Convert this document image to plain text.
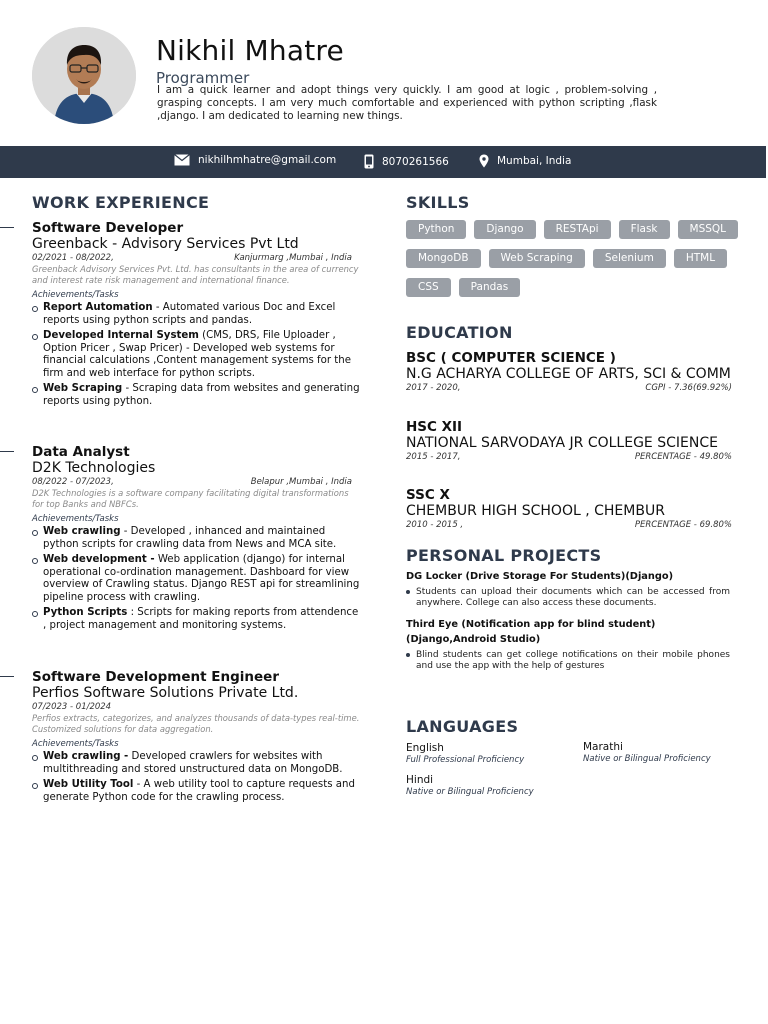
Nikhil Mhatre
Programmer
I am a quick learner and adopt things very quickly. I am good at logic , problem-solving , grasping concepts. I am very much comfortable and experienced with python scripting ,flask ,django. I am dedicated to learning new things.
nikhilhmhatre@gmail.com	8070261566	Mumbai, India
WORK EXPERIENCE
Software Developer
Greenback - Advisory Services Pvt Ltd
02/2021 - 08/2022,	Kanjurmarg ,Mumbai , India
Greenback Advisory Services Pvt. Ltd. has consultants in the area of currency and interest rate risk management and international finance.
Achievements/Tasks
Report Automation - Automated various Doc and Excel reports using python scripts and pandas.
Developed Internal System (CMS, DRS, File Uploader , Option Pricer , Swap Pricer) - Developed web systems for financial calculations ,Content management systems for the firm and web interface for python scripts.
Web Scraping - Scraping data from websites and generating reports using python.
Data Analyst
D2K Technologies
08/2022 - 07/2023,	Belapur ,Mumbai , India
D2K Technologies is a software company facilitating digital transformations for top Banks and NBFCs.
Achievements/Tasks
Web crawling - Developed , inhanced and maintained python scripts for crawling data from News and MCA site.
Web development - Web application (django) for internal operational co-ordination management. Dashboard for view overview of Crawling status. Django REST api for streamlining pipeline process with crawling.
Python Scripts : Scripts for making reports from attendence , project management and monitoring systems.
Software Development Engineer
Perfios Software Solutions Private Ltd.
07/2023 - 01/2024
Perfios extracts, categorizes, and analyzes thousands of data-types real-time. Customized solutions for data aggregation.
Achievements/Tasks
Web crawling - Developed crawlers for websites with multithreading and stored unstructured data on MongoDB.
Web Utility Tool - A web utility tool to capture requests and generate Python code for the crawling process.
SKILLS
Python	Django	RESTApi	Flask	MSSQL
MongoDB	Web Scraping	Selenium	HTML
CSS	Pandas
EDUCATION
BSC ( COMPUTER SCIENCE )
N.G ACHARYA COLLEGE OF ARTS, SCI & COMM
2017 - 2020,	CGPI - 7.36(69.92%)
HSC XII
NATIONAL SARVODAYA JR COLLEGE SCIENCE
2015 - 2017,	PERCENTAGE - 49.80%
SSC X
CHEMBUR HIGH SCHOOL , CHEMBUR
2010 - 2015 ,	PERCENTAGE - 69.80%
PERSONAL PROJECTS
DG Locker (Drive Storage For Students)(Django)
Students can upload their documents which can be accessed from anywhere. College can also access these documents.
Third Eye (Notification app for blind student) (Django,Android Studio)
Blind students can get college notifications on their mobile phones and use the app with the help of gestures
LANGUAGES
English
Full Professional Proficiency
Marathi
Native or Bilingual Proficiency
Hindi
Native or Bilingual Proficiency
